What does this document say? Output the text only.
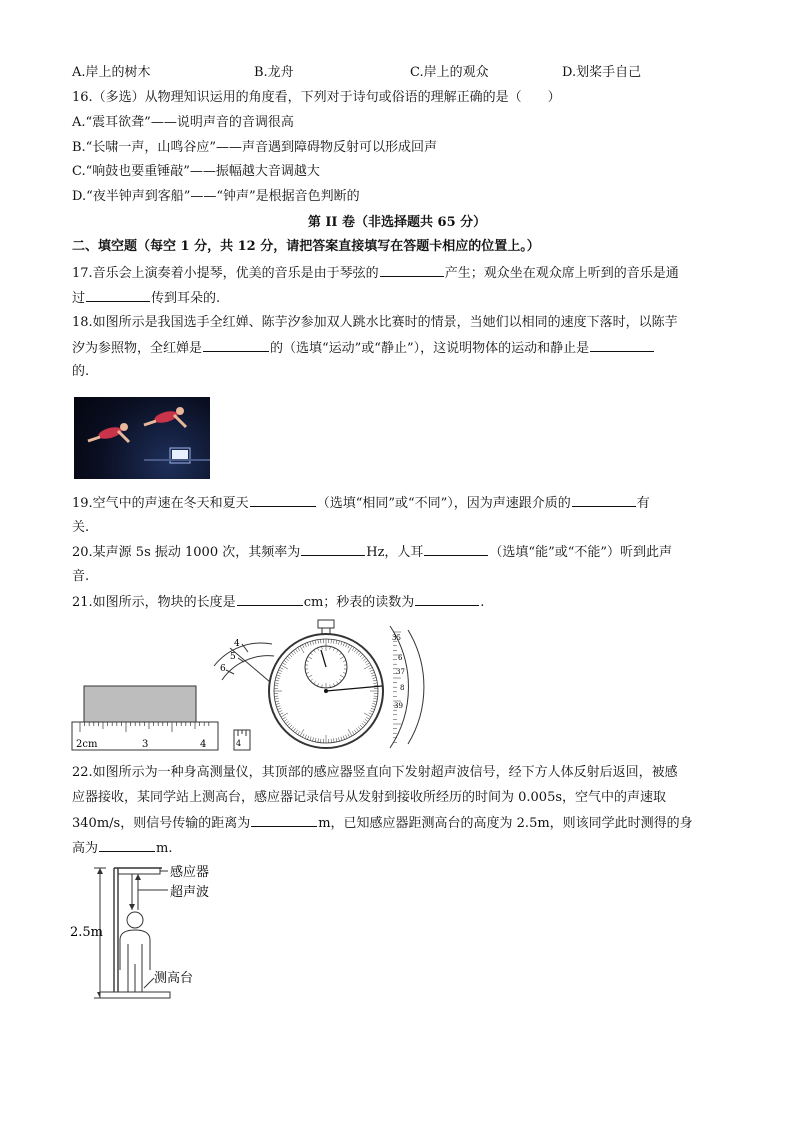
A.岸上的树木	B.龙舟	C.岸上的观众	D.划桨手自己
16.（多选）从物理知识运用的角度看，下列对于诗句或俗语的理解正确的是（　　）
A.“震耳欲聋”——说明声音的音调很高
B.“长啸一声，山鸣谷应”——声音遇到障碍物反射可以形成回声
C.“响鼓也要重锤敲”——振幅越大音调越大
D.“夜半钟声到客船”——“钟声”是根据音色判断的
第 II 卷（非选择题共 65 分）
二、填空题（每空 1 分，共 12 分，请把答案直接填写在答题卡相应的位置上。）
17.音乐会上演奏着小提琴，优美的音乐是由于琴弦的	产生；观众坐在观众席上听到的音乐是通
过	传到耳朵的.
18.如图所示是我国选手全红婵、陈芋汐参加双人跳水比赛时的情景，当她们以相同的速度下落时，以陈芋
汐为参照物，全红婵是	的（选填“运动”或“静止”），这说明物体的运动和静止是
的.
19.空气中的声速在冬天和夏天	（选填“相同”或“不同”），因为声速跟介质的	有
关.
20.某声源 5s 振动 1000 次，其频率为	Hz，人耳	（选填“能”或“不能”）听到此声
音.
21.如图所示，物块的长度是	cm；秒表的读数为	.
2cm	3	4	4
4
5
6
35
6
37
8
39
22.如图所示为一种身高测量仪，其顶部的感应器竖直向下发射超声波信号，经下方人体反射后返回，被感
应器接收，某同学站上测高台，感应器记录信号从发射到接收所经历的时间为 0.005s，空气中的声速取
340m/s，则信号传输的距离为	m，已知感应器距测高台的高度为 2.5m，则该同学此时测得的身
高为	m.
感应器
超声波
2.5m
测高台
